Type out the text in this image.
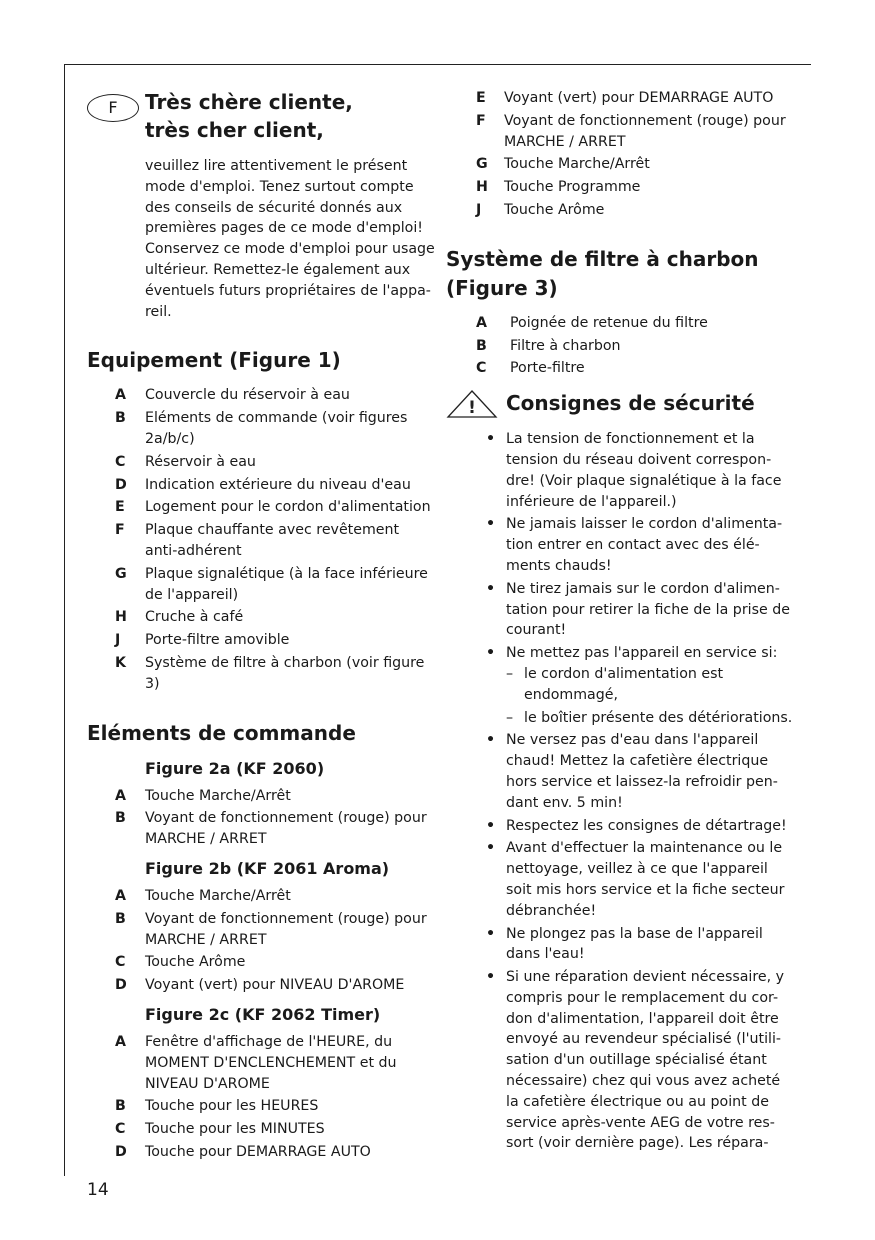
F	Très chère cliente,
très cher client,
veuillez lire attentivement le présent mode d'emploi. Tenez surtout compte des conseils de sécurité donnés aux premières pages de ce mode d'emploi! Conservez ce mode d'emploi pour usage ultérieur. Remettez-le également aux éventuels futurs propriétaires de l'appa-reil.
Equipement (Figure 1)
A	Couvercle du réservoir à eau
B	Eléments de commande (voir figures 2a/b/c)
C	Réservoir à eau
D	Indication extérieure du niveau d'eau
E	Logement pour le cordon d'alimentation
F	Plaque chauffante avec revêtement anti-adhérent
G	Plaque signalétique (à la face inférieure de l'appareil)
H	Cruche à café
J	Porte-filtre amovible
K	Système de filtre à charbon (voir figure 3)
Eléments de commande
Figure 2a (KF 2060)
A	Touche Marche/Arrêt
B	Voyant de fonctionnement (rouge) pour MARCHE / ARRET
Figure 2b (KF 2061 Aroma)
A	Touche Marche/Arrêt
B	Voyant de fonctionnement (rouge) pour MARCHE / ARRET
C	Touche Arôme
D	Voyant (vert) pour NIVEAU D'AROME
Figure 2c (KF 2062 Timer)
A	Fenêtre d'affichage de l'HEURE, du MOMENT D'ENCLENCHEMENT et du NIVEAU D'AROME
B	Touche pour les HEURES
C	Touche pour les MINUTES
D	Touche pour DEMARRAGE AUTO
E	Voyant (vert) pour DEMARRAGE AUTO
F	Voyant de fonctionnement (rouge) pour MARCHE / ARRET
G	Touche Marche/Arrêt
H	Touche Programme
J	Touche Arôme
Système de filtre à charbon
(Figure 3)
A	Poignée de retenue du filtre
B	Filtre à charbon
C	Porte-filtre
! Consignes de sécurité
• La tension de fonctionnement et la tension du réseau doivent correspon-dre! (Voir plaque signalétique à la face inférieure de l'appareil.)
• Ne jamais laisser le cordon d'alimenta-tion entrer en contact avec des élé-ments chauds!
• Ne tirez jamais sur le cordon d'alimen-tation pour retirer la fiche de la prise de courant!
• Ne mettez pas l'appareil en service si:
– le cordon d'alimentation est endommagé,
– le boîtier présente des détériorations.
• Ne versez pas d'eau dans l'appareil chaud! Mettez la cafetière électrique hors service et laissez-la refroidir pen-dant env. 5 min!
• Respectez les consignes de détartrage!
• Avant d'effectuer la maintenance ou le nettoyage, veillez à ce que l'appareil soit mis hors service et la fiche secteur débranchée!
• Ne plongez pas la base de l'appareil dans l'eau!
• Si une réparation devient nécessaire, y compris pour le remplacement du cor-don d'alimentation, l'appareil doit être envoyé au revendeur spécialisé (l'utili-sation d'un outillage spécialisé étant nécessaire) chez qui vous avez acheté la cafetière électrique ou au point de service après-vente AEG de votre res-sort (voir dernière page). Les répara-
14
